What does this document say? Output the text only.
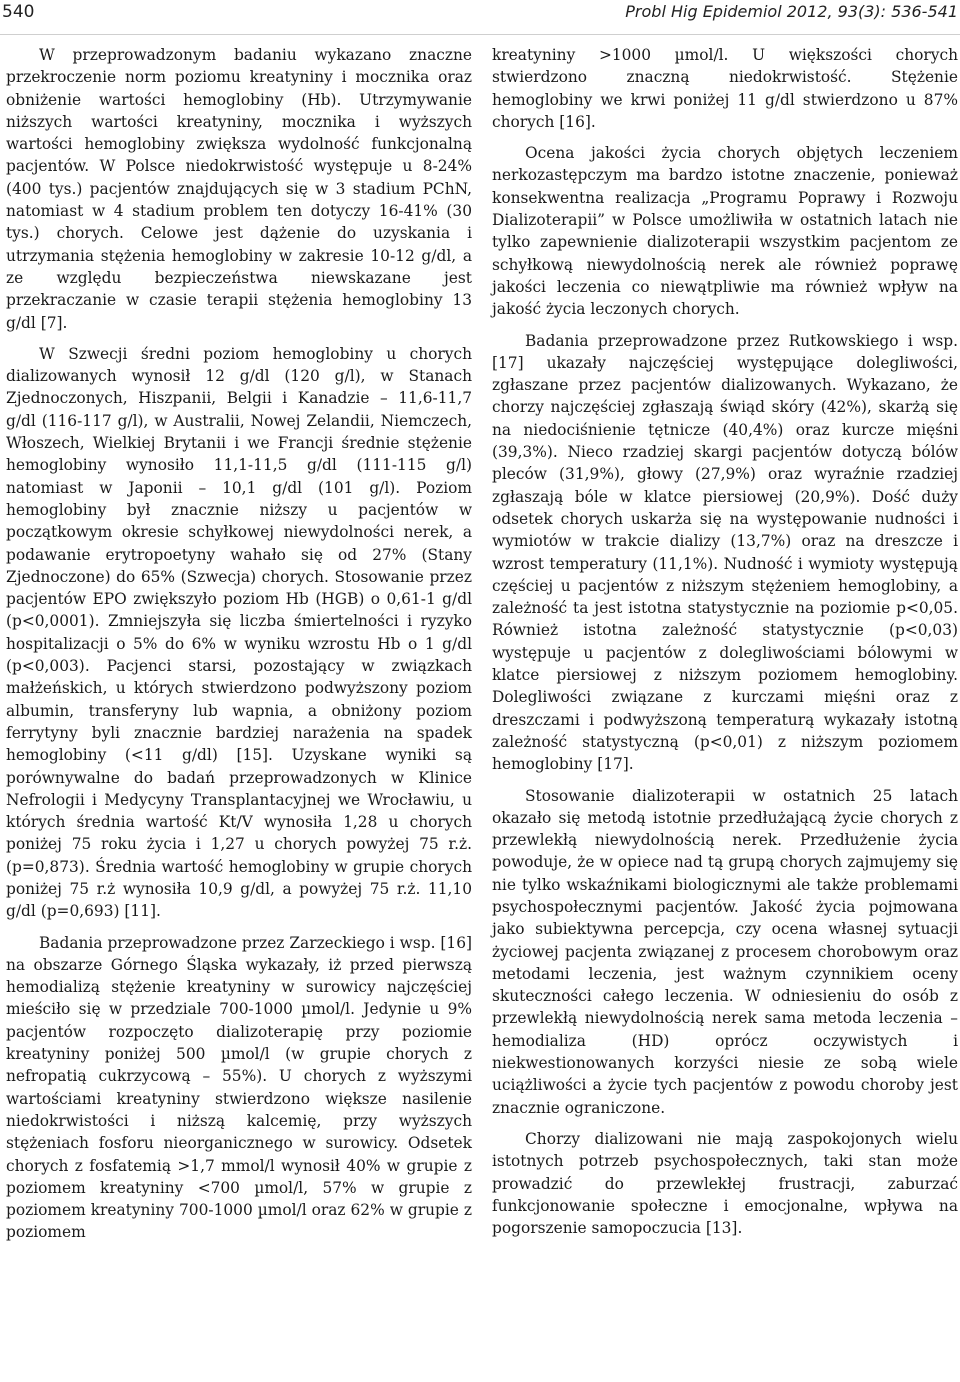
540	Probl Hig Epidemiol 2012, 93(3): 536-541

W przeprowadzonym badaniu wykazano znaczne przekroczenie norm poziomu kreatyniny i mocznika oraz obniżenie wartości hemoglobiny (Hb). Utrzymywanie niższych wartości kreatyniny, mocznika i wyższych wartości hemoglobiny zwiększa wydolność funkcjonalną pacjentów. W Polsce niedokrwistość występuje u 8-24% (400 tys.) pacjentów znajdujących się w 3 stadium PChN, natomiast w 4 stadium problem ten dotyczy 16-41% (30 tys.) chorych. Celowe jest dążenie do uzyskania i utrzymania stężenia hemoglobiny w zakresie 10-12 g/dl, a ze względu bezpieczeństwa niewskazane jest przekraczanie w czasie terapii stężenia hemoglobiny 13 g/dl [7].

W Szwecji średni poziom hemoglobiny u chorych dializowanych wynosił 12 g/dl (120 g/l), w Stanach Zjednoczonych, Hiszpanii, Belgii i Kanadzie – 11,6-11,7 g/dl (116-117 g/l), w Australii, Nowej Zelandii, Niemczech, Włoszech, Wielkiej Brytanii i we Francji średnie stężenie hemoglobiny wynosiło 11,1-11,5 g/dl (111-115 g/l) natomiast w Japonii – 10,1 g/dl (101 g/l). Poziom hemoglobiny był znacznie niższy u pacjentów w początkowym okresie schyłkowej niewydolności nerek, a podawanie erytropoetyny wahało się od 27% (Stany Zjednoczone) do 65% (Szwecja) chorych. Stosowanie przez pacjentów EPO zwiększyło poziom Hb (HGB) o 0,61-1 g/dl (p<0,0001). Zmniejszyła się liczba śmiertelności i ryzyko hospitalizacji o 5% do 6% w wyniku wzrostu Hb o 1 g/dl (p<0,003). Pacjenci starsi, pozostający w związkach małżeńskich, u których stwierdzono podwyższony poziom albumin, transferyny lub wapnia, a obniżony poziom ferrytyny byli znacznie bardziej narażenia na spadek hemoglobiny (<11 g/dl) [15]. Uzyskane wyniki są porównywalne do badań przeprowadzonych w Klinice Nefrologii i Medycyny Transplantacyjnej we Wrocławiu, u których średnia wartość Kt/V wynosiła 1,28 u chorych poniżej 75 roku życia i 1,27 u chorych powyżej 75 r.ż. (p=0,873). Średnia wartość hemoglobiny w grupie chorych poniżej 75 r.ż wynosiła 10,9 g/dl, a powyżej 75 r.ż. 11,10 g/dl (p=0,693) [11].

Badania przeprowadzone przez Zarzeckiego i wsp. [16] na obszarze Górnego Śląska wykazały, iż przed pierwszą hemodializą stężenie kreatyniny w surowicy najczęściej mieściło się w przedziale 700-1000 µmol/l. Jedynie u 9% pacjentów rozpoczęto dializoterapię przy poziomie kreatyniny poniżej 500 µmol/l (w grupie chorych z nefropatią cukrzycową – 55%). U chorych z wyższymi wartościami kreatyniny stwierdzono większe nasilenie niedokrwistości i niższą kalcemię, przy wyższych stężeniach fosforu nieorganicznego w surowicy. Odsetek chorych z fosfatemią >1,7 mmol/l wynosił 40% w grupie z poziomem kreatyniny <700 µmol/l, 57% w grupie z poziomem kreatyniny 700-1000 µmol/l oraz 62% w grupie z poziomem

kreatyniny >1000 µmol/l. U większości chorych stwierdzono znaczną niedokrwistość. Stężenie hemoglobiny we krwi poniżej 11 g/dl stwierdzono u 87% chorych [16].

Ocena jakości życia chorych objętych leczeniem nerkozastępczym ma bardzo istotne znaczenie, ponieważ konsekwentna realizacja „Programu Poprawy i Rozwoju Dializoterapii” w Polsce umożliwiła w ostatnich latach nie tylko zapewnienie dializoterapii wszystkim pacjentom ze schyłkową niewydolnością nerek ale również poprawę jakości leczenia co niewątpliwie ma również wpływ na jakość życia leczonych chorych.

Badania przeprowadzone przez Rutkowskiego i wsp. [17] ukazały najczęściej występujące dolegliwości, zgłaszane przez pacjentów dializowanych. Wykazano, że chorzy najczęściej zgłaszają świąd skóry (42%), skarżą się na niedociśnienie tętnicze (40,4%) oraz kurcze mięśni (39,3%). Nieco rzadziej skargi pacjentów dotyczą bólów pleców (31,9%), głowy (27,9%) oraz wyraźnie rzadziej zgłaszają bóle w klatce piersiowej (20,9%). Dość duży odsetek chorych uskarża się na występowanie nudności i wymiotów w trakcie dializy (13,7%) oraz na dreszcze i wzrost temperatury (11,1%). Nudność i wymioty występują częściej u pacjentów z niższym stężeniem hemoglobiny, a zależność ta jest istotna statystycznie na poziomie p<0,05. Również istotna zależność statystycznie (p<0,03) występuje u pacjentów z dolegliwościami bólowymi w klatce piersiowej z niższym poziomem hemoglobiny. Dolegliwości związane z kurczami mięśni oraz z dreszczami i podwyższoną temperaturą wykazały istotną zależność statystyczną (p<0,01) z niższym poziomem hemoglobiny [17].

Stosowanie dializoterapii w ostatnich 25 latach okazało się metodą istotnie przedłużającą życie chorych z przewlekłą niewydolnością nerek. Przedłużenie życia powoduje, że w opiece nad tą grupą chorych zajmujemy się nie tylko wskaźnikami biologicznymi ale także problemami psychospołecznymi pacjentów. Jakość życia pojmowana jako subiektywna percepcja, czy ocena własnej sytuacji życiowej pacjenta związanej z procesem chorobowym oraz metodami leczenia, jest ważnym czynnikiem oceny skuteczności całego leczenia. W odniesieniu do osób z przewlekłą niewydolnością nerek sama metoda leczenia – hemodializa (HD) oprócz oczywistych i niekwestionowanych korzyści niesie ze sobą wiele uciążliwości a życie tych pacjentów z powodu choroby jest znacznie ograniczone.

Chorzy dializowani nie mają zaspokojonych wielu istotnych potrzeb psychospołecznych, taki stan może prowadzić do przewlekłej frustracji, zaburzać funkcjonowanie społeczne i emocjonalne, wpływa na pogorszenie samopoczucia [13].
